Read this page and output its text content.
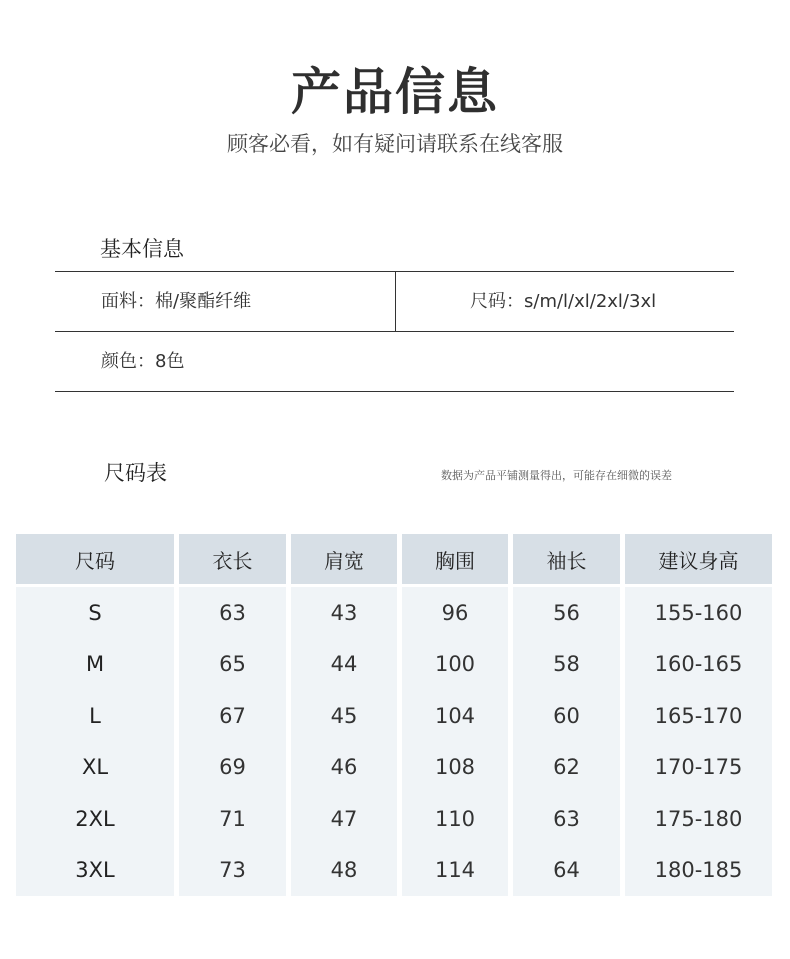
产品信息
顾客必看，如有疑问请联系在线客服
基本信息
面料：棉/聚酯纤维	尺码：s/m/l/xl/2xl/3xl
颜色：8色
尺码表	数据为产品平铺测量得出，可能存在细微的误差
尺码	衣长	肩宽	胸围	袖长	建议身高
S	63	43	96	56	155-160
M	65	44	100	58	160-165
L	67	45	104	60	165-170
XL	69	46	108	62	170-175
2XL	71	47	110	63	175-180
3XL	73	48	114	64	180-185
